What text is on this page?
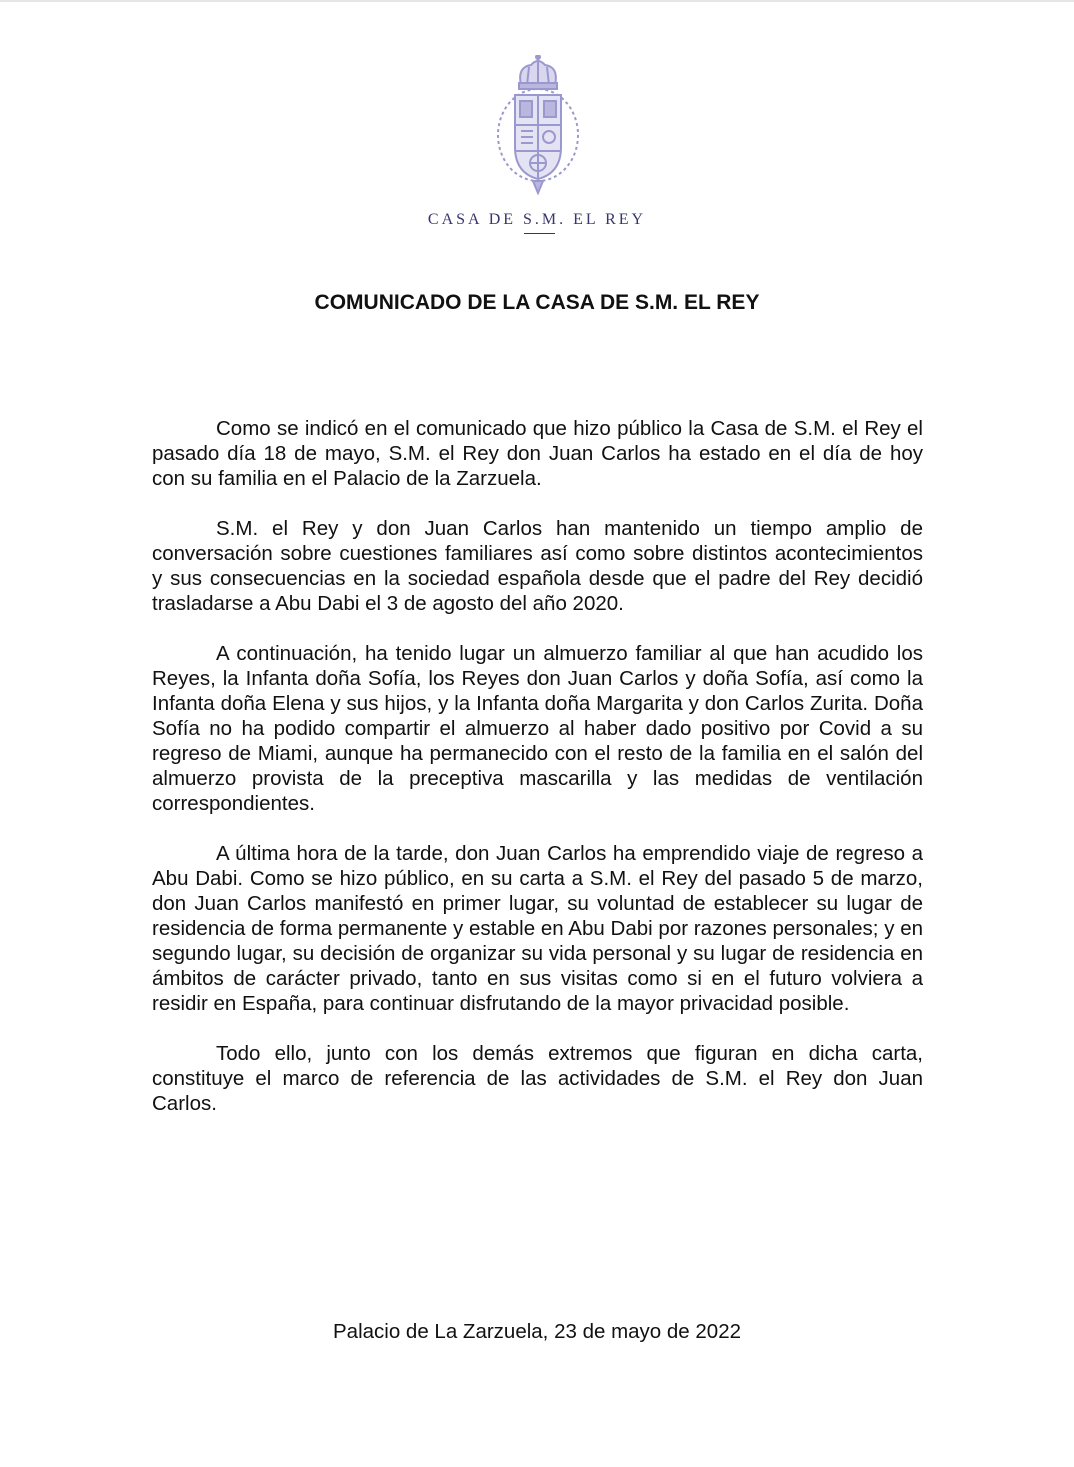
CASA DE S.M. EL REY
COMUNICADO DE LA CASA DE S.M. EL REY

Como se indicó en el comunicado que hizo público la Casa de S.M. el Rey el pasado día 18 de mayo, S.M. el Rey don Juan Carlos ha estado en el día de hoy con su familia en el Palacio de la Zarzuela.

S.M. el Rey y don Juan Carlos han mantenido un tiempo amplio de conversación sobre cuestiones familiares así como sobre distintos acontecimientos y sus consecuencias en la sociedad española desde que el padre del Rey decidió trasladarse a Abu Dabi el 3 de agosto del año 2020.

A continuación, ha tenido lugar un almuerzo familiar al que han acudido los Reyes, la Infanta doña Sofía, los Reyes don Juan Carlos y doña Sofía, así como la Infanta doña Elena y sus hijos, y la Infanta doña Margarita y don Carlos Zurita. Doña Sofía no ha podido compartir el almuerzo al haber dado positivo por Covid a su regreso de Miami, aunque ha permanecido con el resto de la familia en el salón del almuerzo provista de la preceptiva mascarilla y las medidas de ventilación correspondientes.

A última hora de la tarde, don Juan Carlos ha emprendido viaje de regreso a Abu Dabi. Como se hizo público, en su carta a S.M. el Rey del pasado 5 de marzo, don Juan Carlos manifestó en primer lugar, su voluntad de establecer su lugar de residencia de forma permanente y estable en Abu Dabi por razones personales; y en segundo lugar, su decisión de organizar su vida personal y su lugar de residencia en ámbitos de carácter privado, tanto en sus visitas como si en el futuro volviera a residir en España, para continuar disfrutando de la mayor privacidad posible.

Todo ello, junto con los demás extremos que figuran en dicha carta, constituye el marco de referencia de las actividades de S.M. el Rey don Juan Carlos.

Palacio de La Zarzuela, 23 de mayo de 2022
